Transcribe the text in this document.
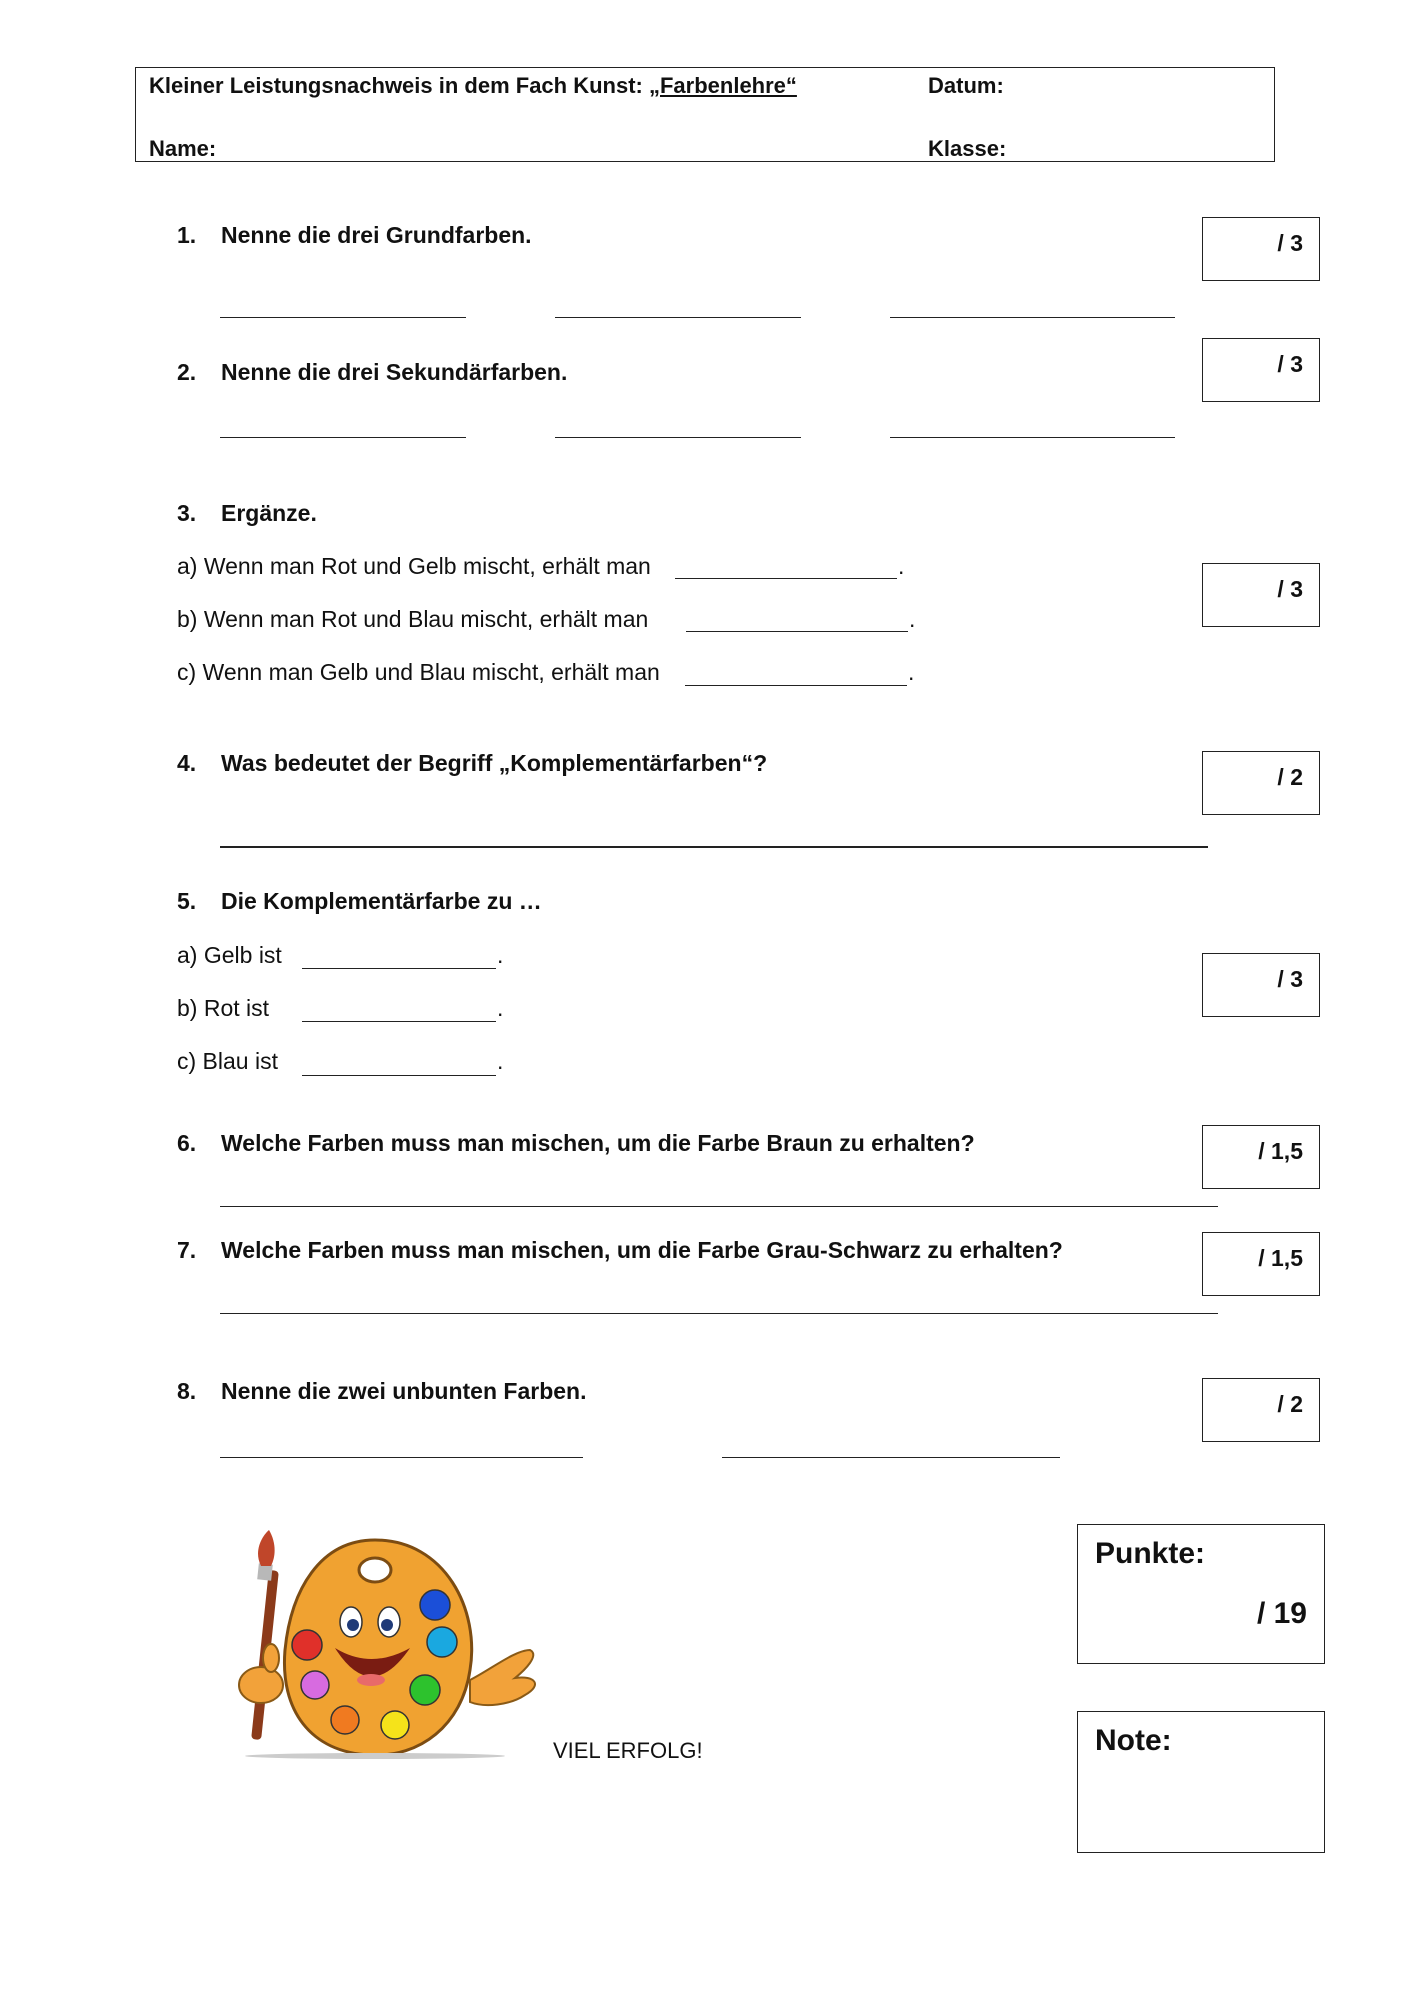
Kleiner Leistungsnachweis in dem Fach Kunst: „Farbenlehre“	Datum:
Name:	Klasse:
1. Nenne die drei Grundfarben.	/ 3
2. Nenne die drei Sekundärfarben.	/ 3
3. Ergänze.
/ 3
a) Wenn man Rot und Gelb mischt, erhält man	.
b) Wenn man Rot und Blau mischt, erhält man	.
c) Wenn man Gelb und Blau mischt, erhält man	.
4. Was bedeutet der Begriff „Komplementärfarben“?
/ 2
5. Die Komplementärfarbe zu …
/ 3
a) Gelb ist	.
b) Rot ist	.
c) Blau ist	.
6. Welche Farben muss man mischen, um die Farbe Braun zu erhalten?	/ 1,5
7. Welche Farben muss man mischen, um die Farbe Grau-Schwarz zu erhalten?	/ 1,5
8. Nenne die zwei unbunten Farben.	/ 2
VIEL ERFOLG!
Punkte:
/ 19
Note:
